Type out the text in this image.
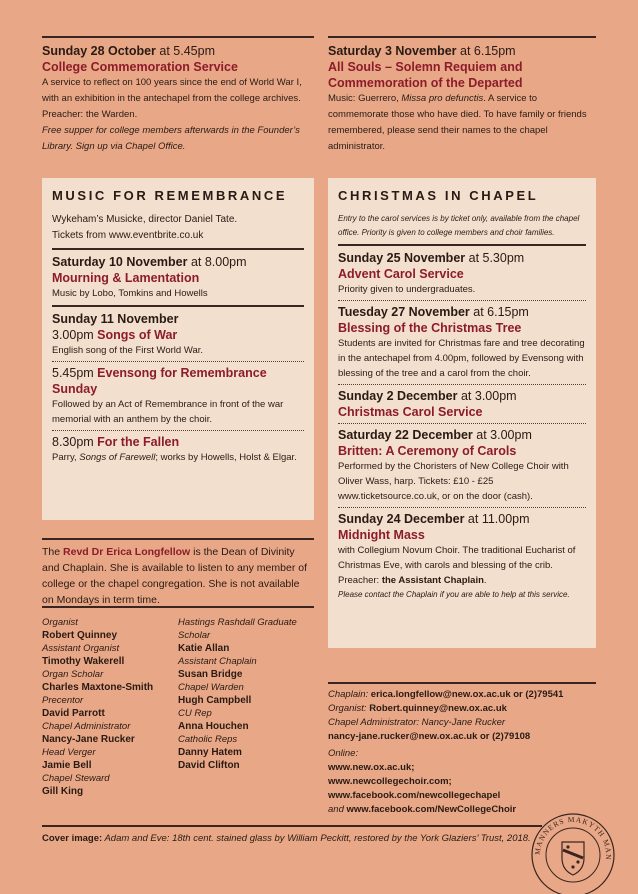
Sunday 28 October at 5.45pm
College Commemoration Service
A service to reflect on 100 years since the end of World War I, with an exhibition in the antechapel from the college archives. Preacher: the Warden.
Free supper for college members afterwards in the Founder’s Library. Sign up via Chapel Office.
Saturday 3 November at 6.15pm
All Souls – Solemn Requiem and Commemoration of the Departed
Music: Guerrero, Missa pro defunctis. A service to commemorate those who have died. To have family or friends remembered, please send their names to the chapel administrator.
MUSIC FOR REMEMBRANCE
Wykeham’s Musicke, director Daniel Tate.
Tickets from www.eventbrite.co.uk
Saturday 10 November at 8.00pm
Mourning & Lamentation
Music by Lobo, Tomkins and Howells
Sunday 11 November
3.00pm Songs of War
English song of the First World War.
5.45pm Evensong for Remembrance Sunday
Followed by an Act of Remembrance in front of the war memorial with an anthem by the choir.
8.30pm For the Fallen
Parry, Songs of Farewell; works by Howells, Holst & Elgar.
CHRISTMAS IN CHAPEL
Entry to the carol services is by ticket only, available from the chapel office. Priority is given to college members and choir families.
Sunday 25 November at 5.30pm
Advent Carol Service
Priority given to undergraduates.
Tuesday 27 November at 6.15pm
Blessing of the Christmas Tree
Students are invited for Christmas fare and tree decorating in the antechapel from 4.00pm, followed by Evensong with blessing of the tree and a carol from the choir.
Sunday 2 December at 3.00pm
Christmas Carol Service
Saturday 22 December at 3.00pm
Britten: A Ceremony of Carols
Performed by the Choristers of New College Choir with Oliver Wass, harp. Tickets: £10 - £25 www.ticketsource.co.uk, or on the door (cash).
Sunday 24 December at 11.00pm
Midnight Mass
with Collegium Novum Choir. The traditional Eucharist of Christmas Eve, with carols and blessing of the crib. Preacher: the Assistant Chaplain.
Please contact the Chaplain if you are able to help at this service.
The Revd Dr Erica Longfellow is the Dean of Divinity and Chaplain. She is available to listen to any member of college or the chapel congregation. She is not available on Mondays in term time.
Organist
Robert Quinney
Assistant Organist
Timothy Wakerell
Organ Scholar
Charles Maxtone-Smith
Precentor
David Parrott
Chapel Administrator
Nancy-Jane Rucker
Head Verger
Jamie Bell
Chapel Steward
Gill King
Hastings Rashdall Graduate Scholar
Katie Allan
Assistant Chaplain
Susan Bridge
Chapel Warden
Hugh Campbell
CU Rep
Anna Houchen
Catholic Reps
Danny Hatem
David Clifton
Chaplain: erica.longfellow@new.ox.ac.uk or (2)79541
Organist: Robert.quinney@new.ox.ac.uk
Chapel Administrator: Nancy-Jane Rucker
nancy-jane.rucker@new.ox.ac.uk or (2)79108
Online:
www.new.ox.ac.uk;
www.newcollegechoir.com;
www.facebook.com/newcollegechapel
and www.facebook.com/NewCollegeChoir
Cover image: Adam and Eve: 18th cent. stained glass by William Peckitt, restored by the York Glaziers’ Trust, 2018.
MANNERS MAKYTH MAN
